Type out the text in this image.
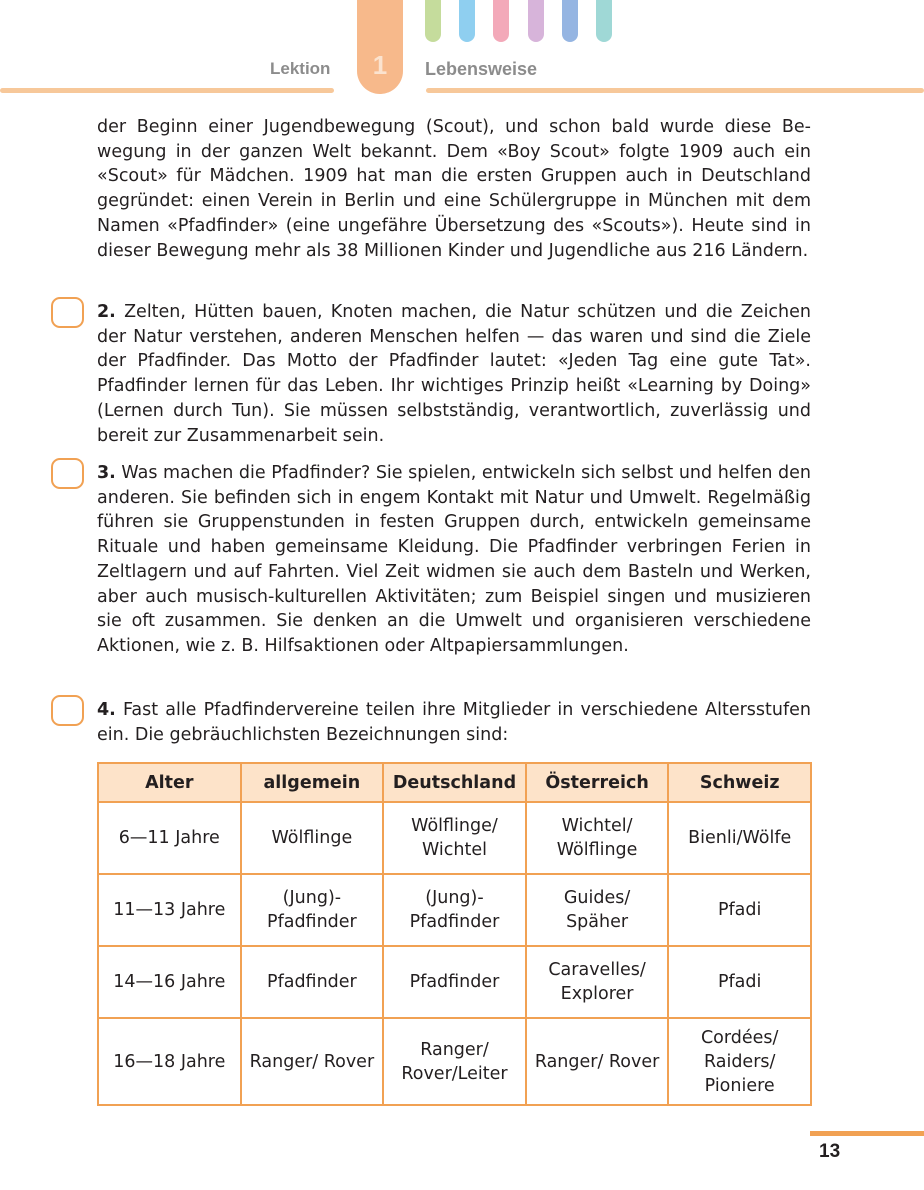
1
Lektion	Lebensweise
der Beginn einer Jugendbewegung (Scout), und schon bald wurde diese Bewegung in der ganzen Welt bekannt. Dem «Boy Scout» folgte 1909 auch ein «Scout» für Mädchen. 1909 hat man die ersten Gruppen auch in Deutschland gegründet: einen Verein in Berlin und eine Schülergruppe in München mit dem Namen «Pfadfinder» (eine ungefähre Übersetzung des «Scouts»). Heute sind in dieser Bewegung mehr als 38 Millionen Kinder und Jugendliche aus 216 Ländern.
2. Zelten, Hütten bauen, Knoten machen, die Natur schützen und die Zeichen der Natur verstehen, anderen Menschen helfen — das waren und sind die Ziele der Pfadfinder. Das Motto der Pfadfinder lautet: «Jeden Tag eine gute Tat». Pfadfinder lernen für das Leben. Ihr wichtiges Prinzip heißt «Learning by Doing» (Lernen durch Tun). Sie müssen selbstständig, verantwortlich, zuverlässig und bereit zur Zusammenarbeit sein.
3. Was machen die Pfadfinder? Sie spielen, entwickeln sich selbst und helfen den anderen. Sie befinden sich in engem Kontakt mit Natur und Umwelt. Regelmäßig führen sie Gruppenstunden in festen Gruppen durch, entwickeln gemeinsame Rituale und haben gemeinsame Kleidung. Die Pfadfinder verbringen Ferien in Zeltlagern und auf Fahrten. Viel Zeit widmen sie auch dem Basteln und Werken, aber auch musisch-kulturellen Aktivitäten; zum Beispiel singen und musizieren sie oft zusammen. Sie denken an die Umwelt und organisieren verschiedene Aktionen, wie z. B. Hilfsaktionen oder Altpapiersammlungen.
4. Fast alle Pfadfindervereine teilen ihre Mitglieder in verschiedene Altersstufen ein. Die gebräuchlichsten Bezeichnungen sind:
Alter	allgemein	Deutschland	Österreich	Schweiz
6—11 Jahre	Wölflinge	Wölflinge/ Wichtel	Wichtel/ Wölflinge	Bienli/Wölfe
11—13 Jahre	(Jung)- Pfadfinder	(Jung)- Pfadfinder	Guides/ Späher	Pfadi
14—16 Jahre	Pfadfinder	Pfadfinder	Caravelles/ Explorer	Pfadi
16—18 Jahre	Ranger/ Rover	Ranger/ Rover/Leiter	Ranger/ Rover	Cordées/ Raiders/ Pioniere
13
